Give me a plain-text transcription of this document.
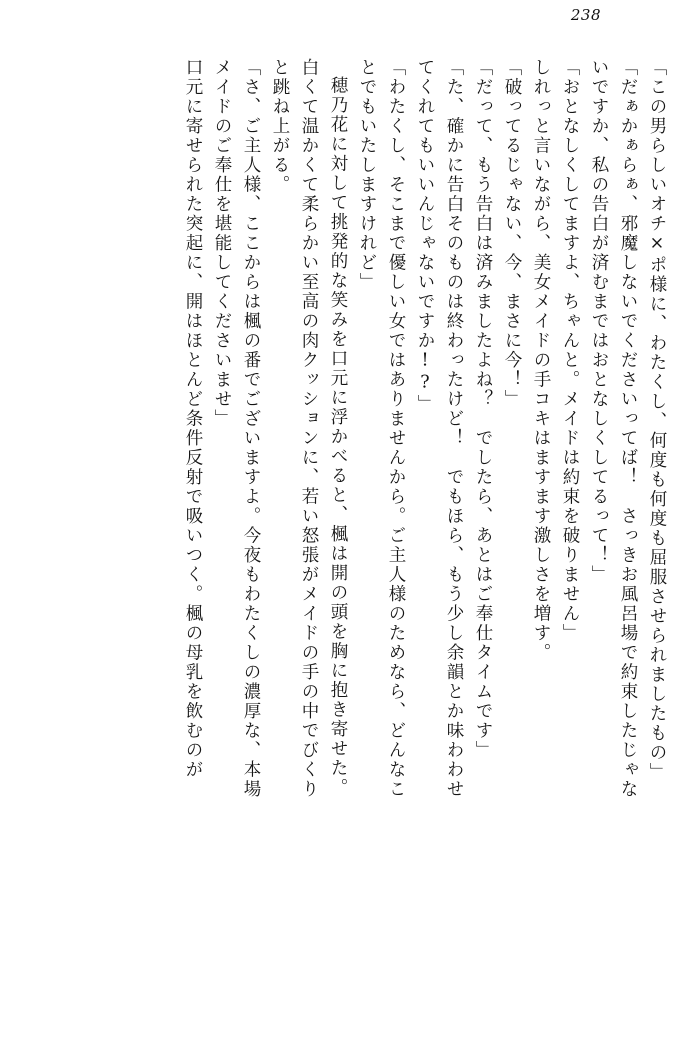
238
「この男らしいオチ×ポ様に、わたくし、何度も何度も屈服させられましたもの」
「だぁかぁらぁ、邪魔しないでくださいってば！　さっきお風呂場で約束したじゃな
いですか、私の告白が済むまではおとなしくしてるって！」
「おとなしくしてますよ、ちゃんと。メイドは約束を破りません」
しれっと言いながら、美女メイドの手コキはますます激しさを増す。
「破ってるじゃない、今、まさに今！」
「だって、もう告白は済みましたよね？　でしたら、あとはご奉仕タイムです」
「た、確かに告白そのものは終わったけど！　でもほら、もう少し余韻とか味わわせ
てくれてもいいんじゃないですか!?」
「わたくし、そこまで優しい女ではありませんから。ご主人様のためなら、どんなこ
とでもいたしますけれど」
穂乃花に対して挑発的な笑みを口元に浮かべると、楓は開の頭を胸に抱き寄せた。
白くて温かくて柔らかい至高の肉クッションに、若い怒張がメイドの手の中でびくり
と跳ね上がる。
「さ、ご主人様、ここからは楓の番でございますよ。今夜もわたくしの濃厚な、本場
メイドのご奉仕を堪能してくださいませ」
口元に寄せられた突起に、開はほとんど条件反射で吸いつく。楓の母乳を飲むのが
